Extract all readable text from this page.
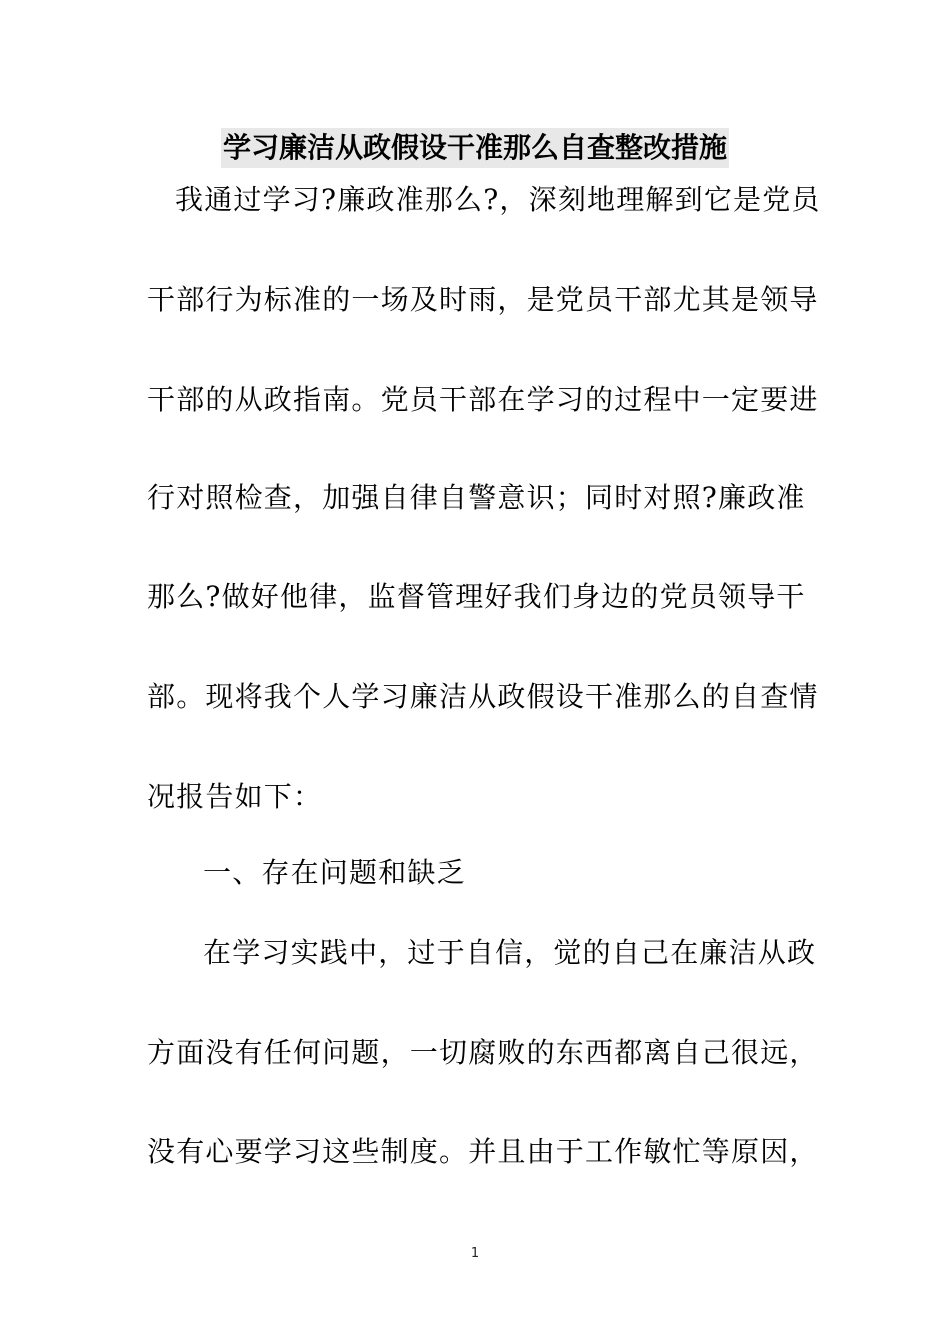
学习廉洁从政假设干准那么自查整改措施
我通过学习?廉政准那么?，深刻地理解到它是党员
干部行为标准的一场及时雨，是党员干部尤其是领导
干部的从政指南。党员干部在学习的过程中一定要进
行对照检查，加强自律自警意识；同时对照?廉政准
那么?做好他律，监督管理好我们身边的党员领导干
部。现将我个人学习廉洁从政假设干准那么的自查情
况报告如下：
一、存在问题和缺乏
在学习实践中，过于自信，觉的自己在廉洁从政
方面没有任何问题，一切腐败的东西都离自己很远，
没有心要学习这些制度。并且由于工作敏忙等原因，
1
